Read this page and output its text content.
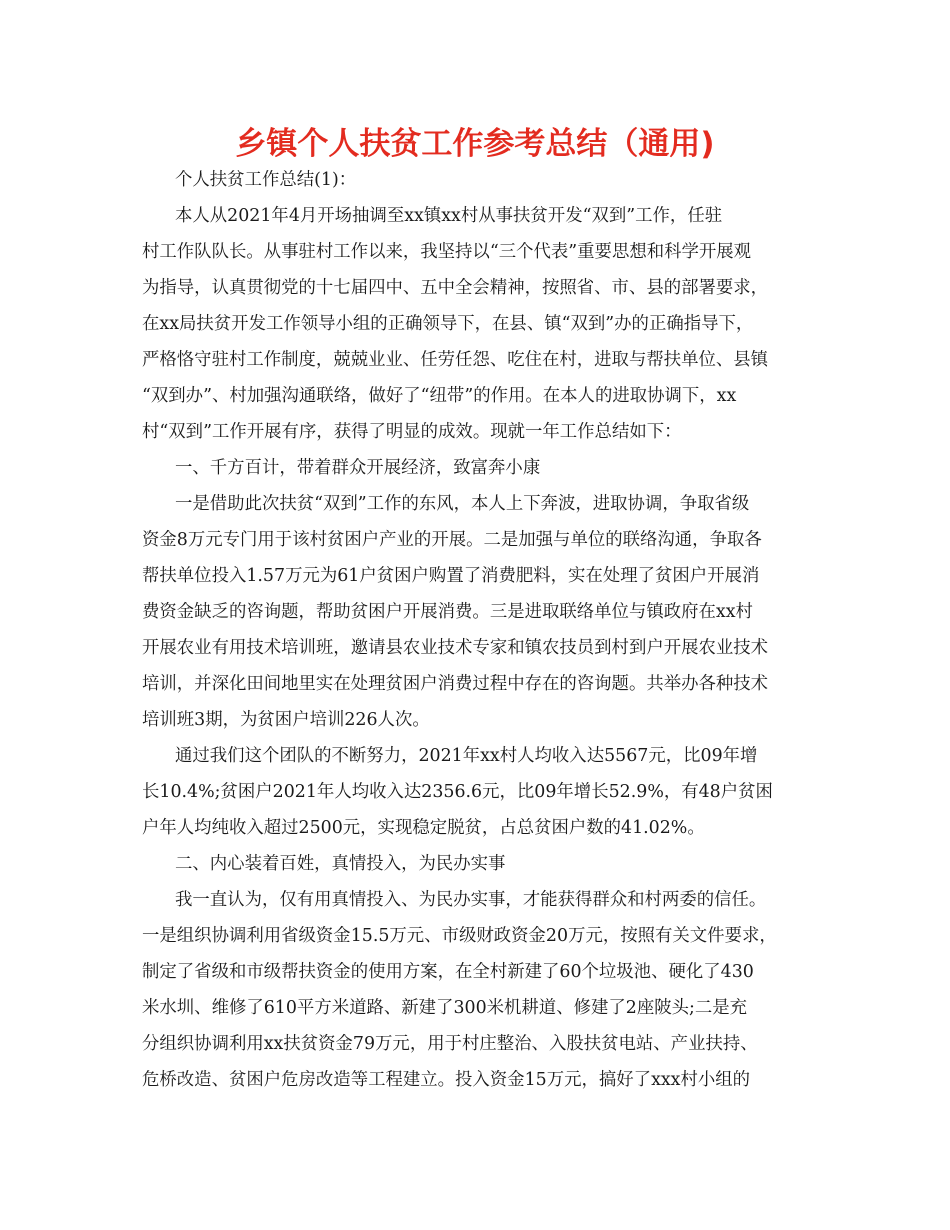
乡镇个人扶贫工作参考总结（通用)
个人扶贫工作总结(1)：
本人从2021年4月开场抽调至xx镇xx村从事扶贫开发“双到”工作，任驻
村工作队队长。从事驻村工作以来，我坚持以“三个代表”重要思想和科学开展观
为指导，认真贯彻党的十七届四中、五中全会精神，按照省、市、县的部署要求，
在xx局扶贫开发工作领导小组的正确领导下，在县、镇“双到”办的正确指导下，
严格恪守驻村工作制度，兢兢业业、任劳任怨、吃住在村，进取与帮扶单位、县镇
“双到办”、村加强沟通联络，做好了“纽带”的作用。在本人的进取协调下，xx
村“双到”工作开展有序，获得了明显的成效。现就一年工作总结如下：
一、千方百计，带着群众开展经济，致富奔小康
一是借助此次扶贫“双到”工作的东风，本人上下奔波，进取协调，争取省级
资金8万元专门用于该村贫困户产业的开展。二是加强与单位的联络沟通，争取各
帮扶单位投入1.57万元为61户贫困户购置了消费肥料，实在处理了贫困户开展消
费资金缺乏的咨询题，帮助贫困户开展消费。三是进取联络单位与镇政府在xx村
开展农业有用技术培训班，邀请县农业技术专家和镇农技员到村到户开展农业技术
培训，并深化田间地里实在处理贫困户消费过程中存在的咨询题。共举办各种技术
培训班3期，为贫困户培训226人次。
通过我们这个团队的不断努力，2021年xx村人均收入达5567元，比09年增
长10.4%;贫困户2021年人均收入达2356.6元，比09年增长52.9%，有48户贫困
户年人均纯收入超过2500元，实现稳定脱贫，占总贫困户数的41.02%。
二、内心装着百姓，真情投入，为民办实事
我一直认为，仅有用真情投入、为民办实事，才能获得群众和村两委的信任。
一是组织协调利用省级资金15.5万元、市级财政资金20万元，按照有关文件要求，
制定了省级和市级帮扶资金的使用方案，在全村新建了60个垃圾池、硬化了430
米水圳、维修了610平方米道路、新建了300米机耕道、修建了2座陂头;二是充
分组织协调利用xx扶贫资金79万元，用于村庄整治、入股扶贫电站、产业扶持、
危桥改造、贫困户危房改造等工程建立。投入资金15万元，搞好了xxx村小组的
